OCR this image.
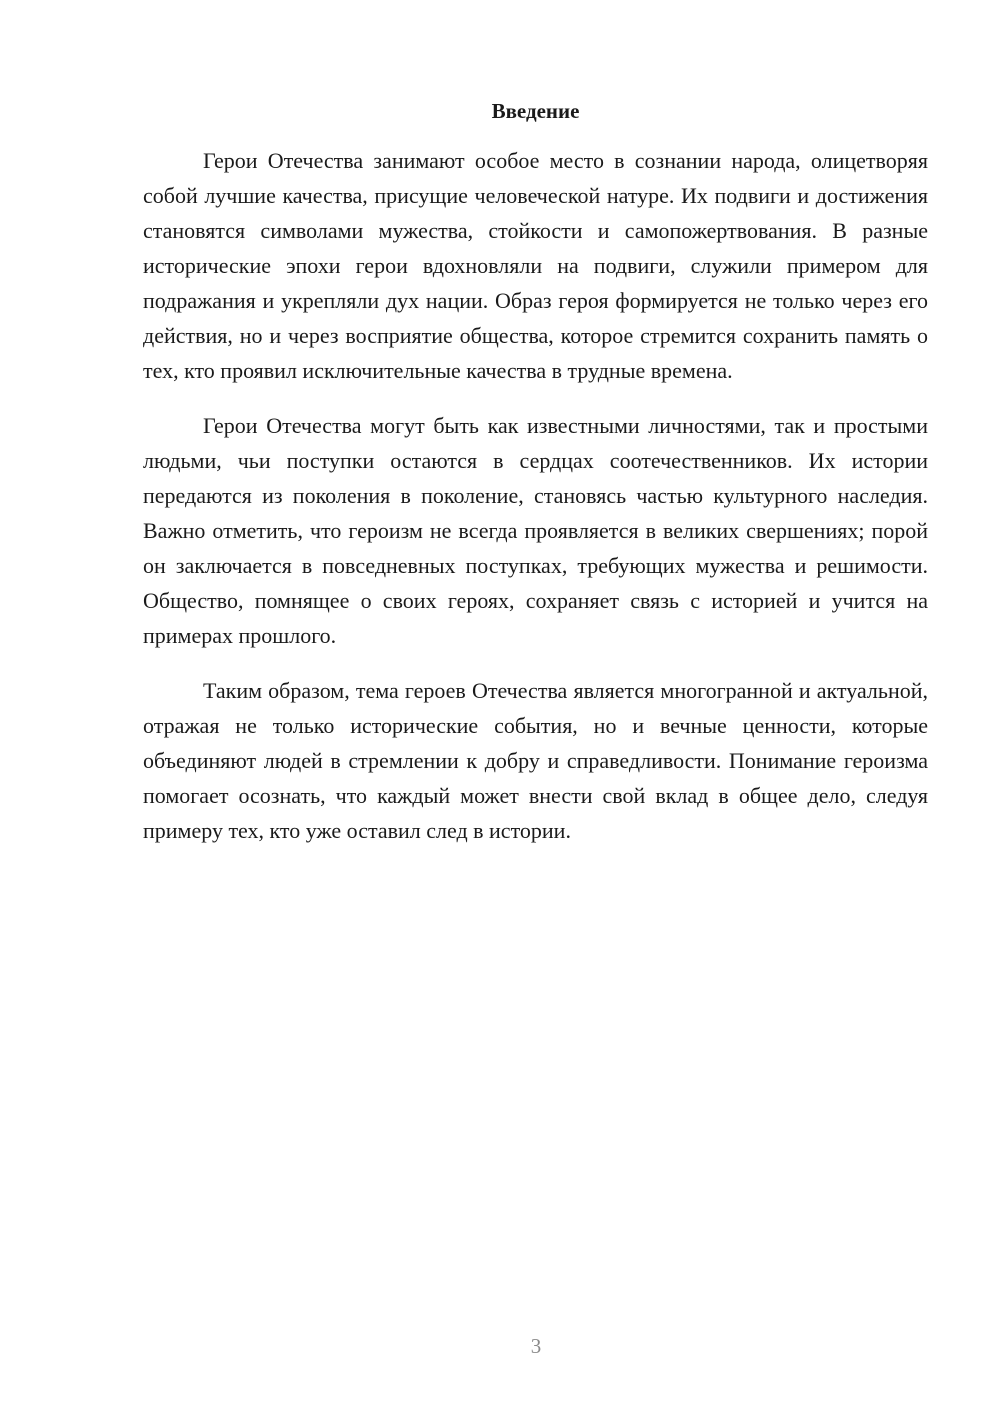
Введение

Герои Отечества занимают особое место в сознании народа, олицетворяя собой лучшие качества, присущие человеческой натуре. Их подвиги и достижения становятся символами мужества, стойкости и самопожертвования. В разные исторические эпохи герои вдохновляли на подвиги, служили примером для подражания и укрепляли дух нации. Образ героя формируется не только через его действия, но и через восприятие общества, которое стремится сохранить память о тех, кто проявил исключительные качества в трудные времена.

Герои Отечества могут быть как известными личностями, так и простыми людьми, чьи поступки остаются в сердцах соотечественников. Их истории передаются из поколения в поколение, становясь частью культурного наследия. Важно отметить, что героизм не всегда проявляется в великих свершениях; порой он заключается в повседневных поступках, требующих мужества и решимости. Общество, помнящее о своих героях, сохраняет связь с историей и учится на примерах прошлого.

Таким образом, тема героев Отечества является многогранной и актуальной, отражая не только исторические события, но и вечные ценности, которые объединяют людей в стремлении к добру и справедливости. Понимание героизма помогает осознать, что каждый может внести свой вклад в общее дело, следуя примеру тех, кто уже оставил след в истории.

3
